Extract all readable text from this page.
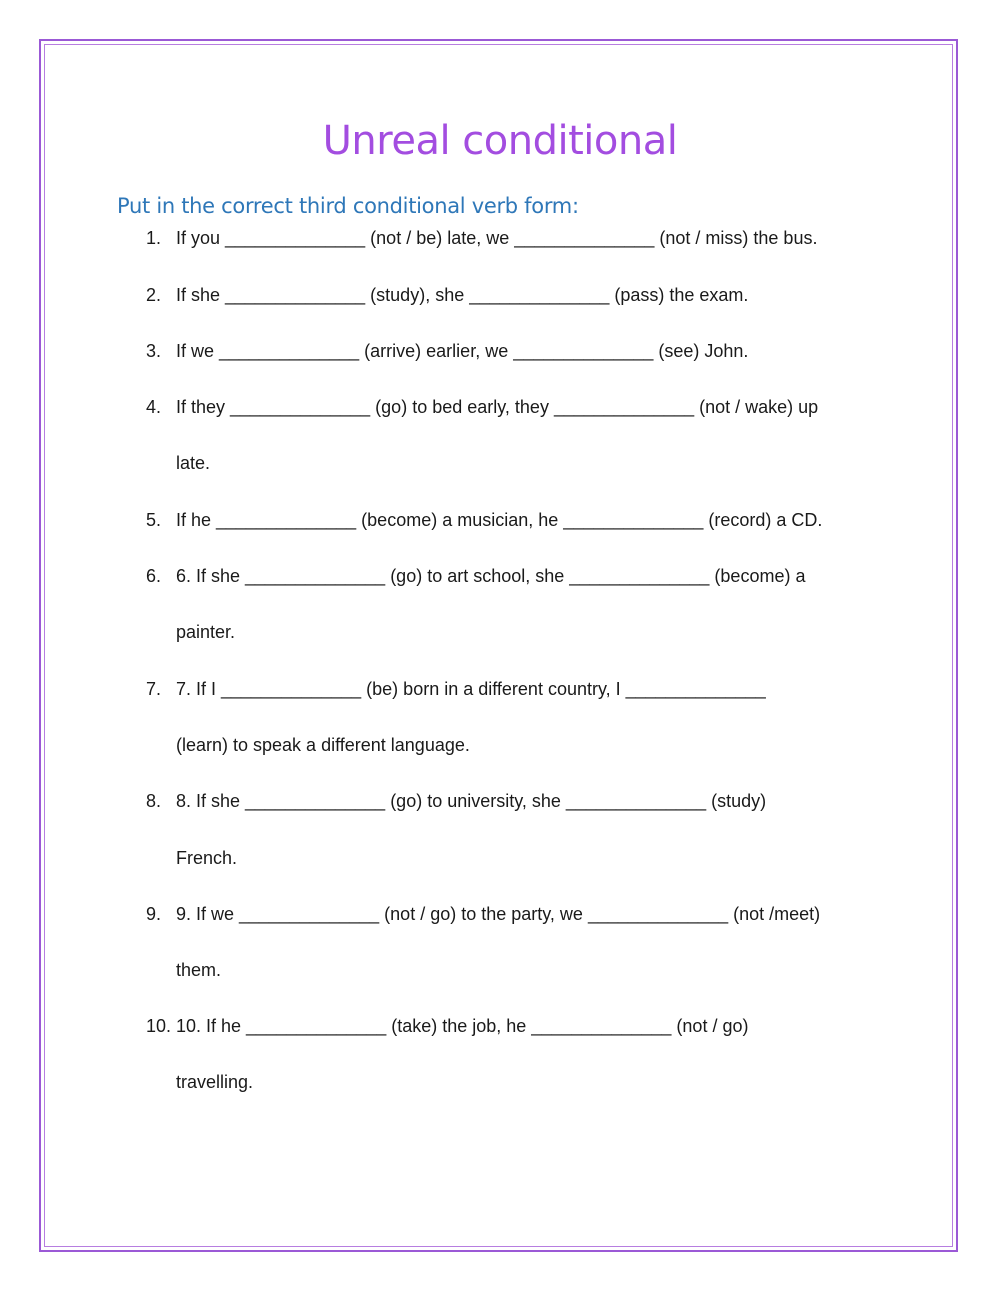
Unreal conditional
Put in the correct third conditional verb form:
1. If you ______________ (not / be) late, we ______________ (not / miss) the bus.
2. If she ______________ (study), she ______________ (pass) the exam.
3. If we ______________ (arrive) earlier, we ______________ (see) John.
4. If they ______________ (go) to bed early, they ______________ (not / wake) up
late.
5. If he ______________ (become) a musician, he ______________ (record) a CD.
6. 6. If she ______________ (go) to art school, she ______________ (become) a
painter.
7. 7. If I ______________ (be) born in a different country, I ______________
(learn) to speak a different language.
8. 8. If she ______________ (go) to university, she ______________ (study)
French.
9. 9. If we ______________ (not / go) to the party, we ______________ (not /meet)
them.
10. 10. If he ______________ (take) the job, he ______________ (not / go)
travelling.
